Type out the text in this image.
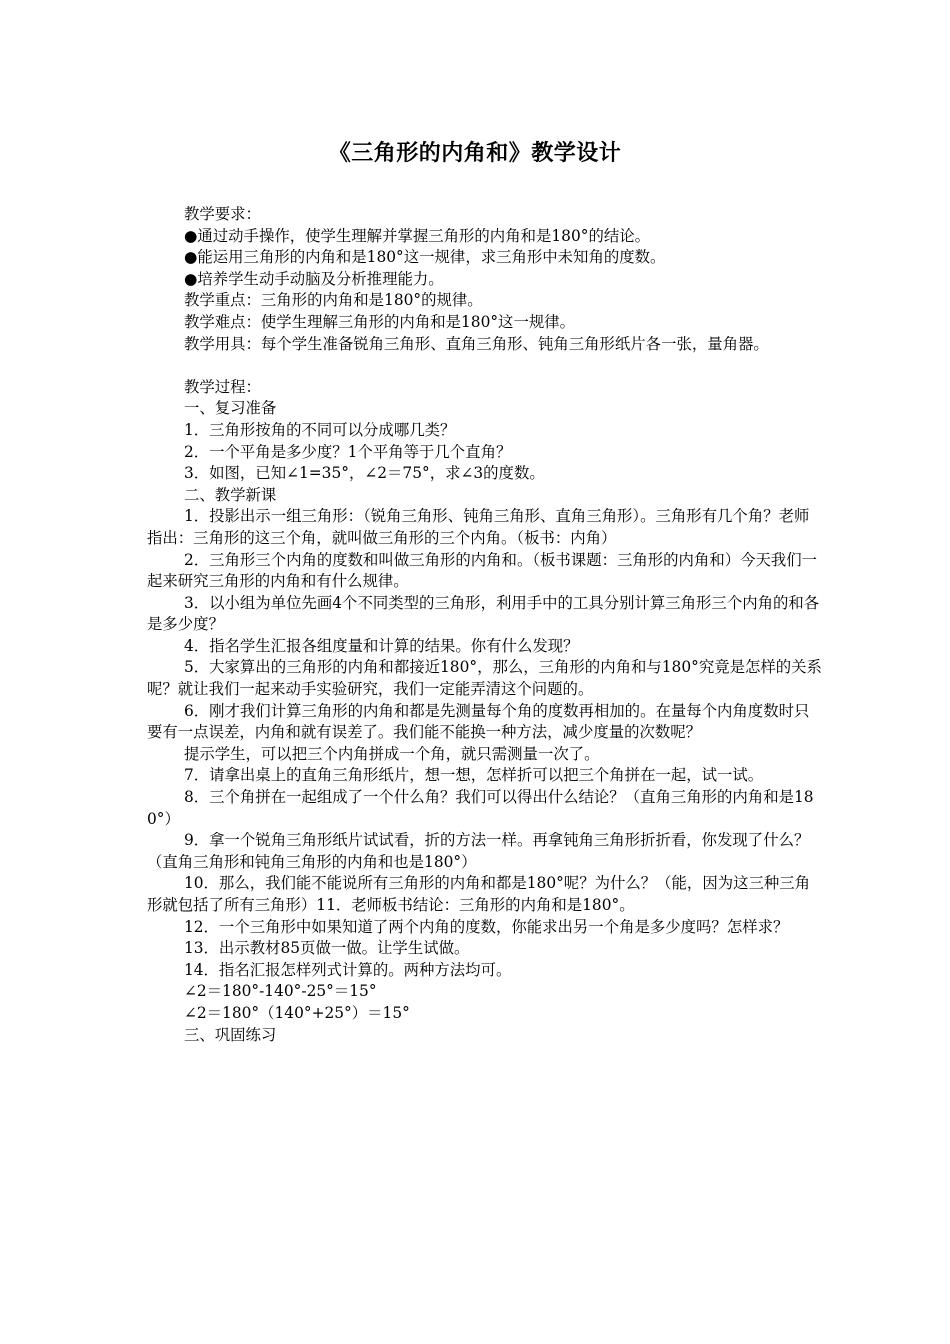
《三角形的内角和》教学设计

教学要求：

●通过动手操作，使学生理解并掌握三角形的内角和是180°的结论。

●能运用三角形的内角和是180°这一规律，求三角形中未知角的度数。

●培养学生动手动脑及分析推理能力。

教学重点：三角形的内角和是180°的规律。

教学难点：使学生理解三角形的内角和是180°这一规律。

教学用具：每个学生准备锐角三角形、直角三角形、钝角三角形纸片各一张，量角器。

教学过程：

一、复习准备

1．三角形按角的不同可以分成哪几类？

2．一个平角是多少度？1个平角等于几个直角？

3．如图，已知∠1=35°，∠2＝75°，求∠3的度数。

二、教学新课

1．投影出示一组三角形：（锐角三角形、钝角三角形、直角三角形）。三角形有几个角？老师指出：三角形的这三个角，就叫做三角形的三个内角。（板书：内角）

2．三角形三个内角的度数和叫做三角形的内角和。（板书课题：三角形的内角和）今天我们一起来研究三角形的内角和有什么规律。

3．以小组为单位先画4个不同类型的三角形，利用手中的工具分别计算三角形三个内角的和各是多少度？

4．指名学生汇报各组度量和计算的结果。你有什么发现？

5．大家算出的三角形的内角和都接近180°，那么，三角形的内角和与180°究竟是怎样的关系呢？就让我们一起来动手实验研究，我们一定能弄清这个问题的。

6．刚才我们计算三角形的内角和都是先测量每个角的度数再相加的。在量每个内角度数时只要有一点误差，内角和就有误差了。我们能不能换一种方法，减少度量的次数呢？

提示学生，可以把三个内角拼成一个角，就只需测量一次了。

7．请拿出桌上的直角三角形纸片，想一想，怎样折可以把三个角拼在一起，试一试。

8．三个角拼在一起组成了一个什么角？我们可以得出什么结论？（直角三角形的内角和是180°）

9．拿一个锐角三角形纸片试试看，折的方法一样。再拿钝角三角形折折看，你发现了什么？（直角三角形和钝角三角形的内角和也是180°）

10．那么，我们能不能说所有三角形的内角和都是180°呢？为什么？（能，因为这三种三角形就包括了所有三角形）11．老师板书结论：三角形的内角和是180°。

12．一个三角形中如果知道了两个内角的度数，你能求出另一个角是多少度吗？怎样求？

13．出示教材85页做一做。让学生试做。

14．指名汇报怎样列式计算的。两种方法均可。

∠2＝180°-140°-25°＝15°

∠2＝180°（140°+25°）＝15°

三、巩固练习
